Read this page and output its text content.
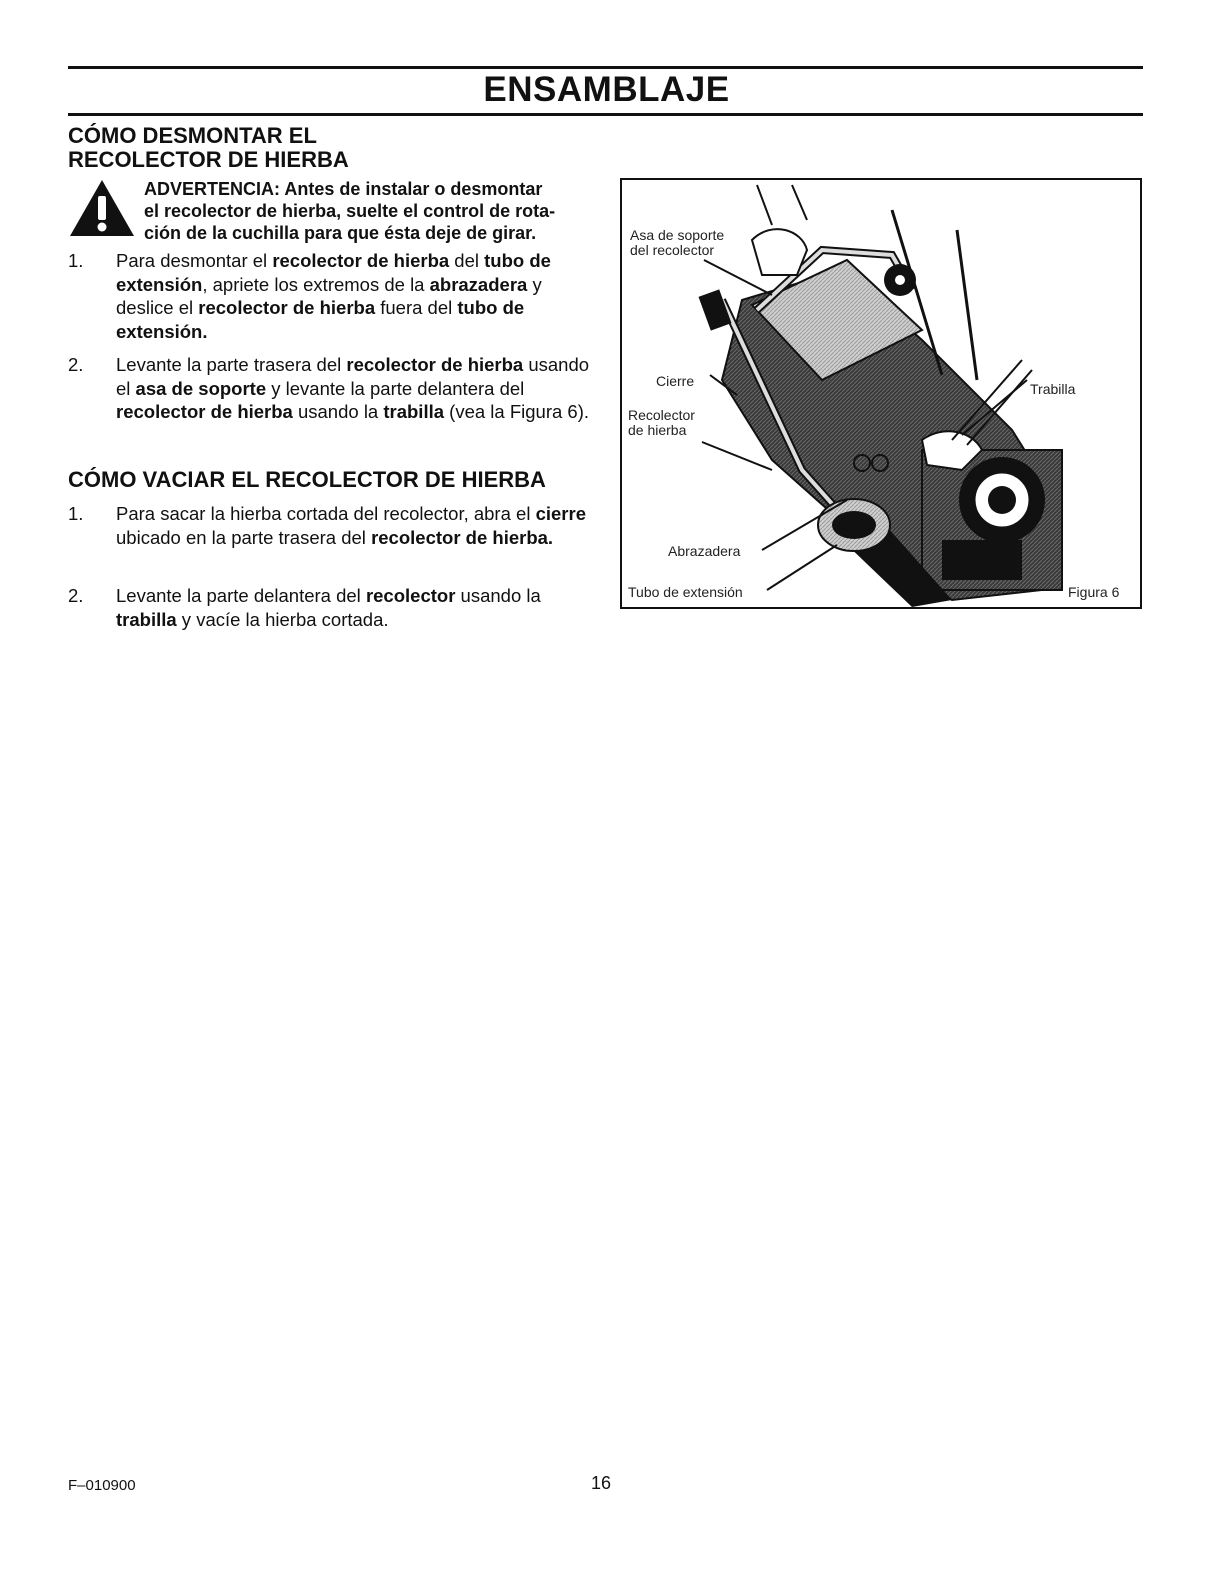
ENSAMBLAJE
CÓMO DESMONTAR EL
RECOLECTOR DE HIERBA
ADVERTENCIA: Antes de instalar o desmontar
el recolector de hierba, suelte el control de rota-
ción de la cuchilla para que ésta deje de girar.
1. Para desmontar el recolector de hierba del tubo de extensión, apriete los extremos de la abrazadera y deslice el recolector de hierba fuera del tubo de extensión.

2. Levante la parte trasera del recolector de hierba usando el asa de soporte y levante la parte delantera del recolector de hierba usando la trabilla (vea la Figura 6).

CÓMO VACIAR EL RECOLECTOR DE HIERBA
1. Para sacar la hierba cortada del recolector, abra el cierre ubicado en la parte trasera del recolector de hierba.

2. Levante la parte delantera del recolector usando la trabilla y vacíe la hierba cortada.

Asa de soporte
del recolector
Cierre
Recolector
de hierba
Abrazadera
Tubo de extensión
Trabilla
Figura 6
F–010900	16
